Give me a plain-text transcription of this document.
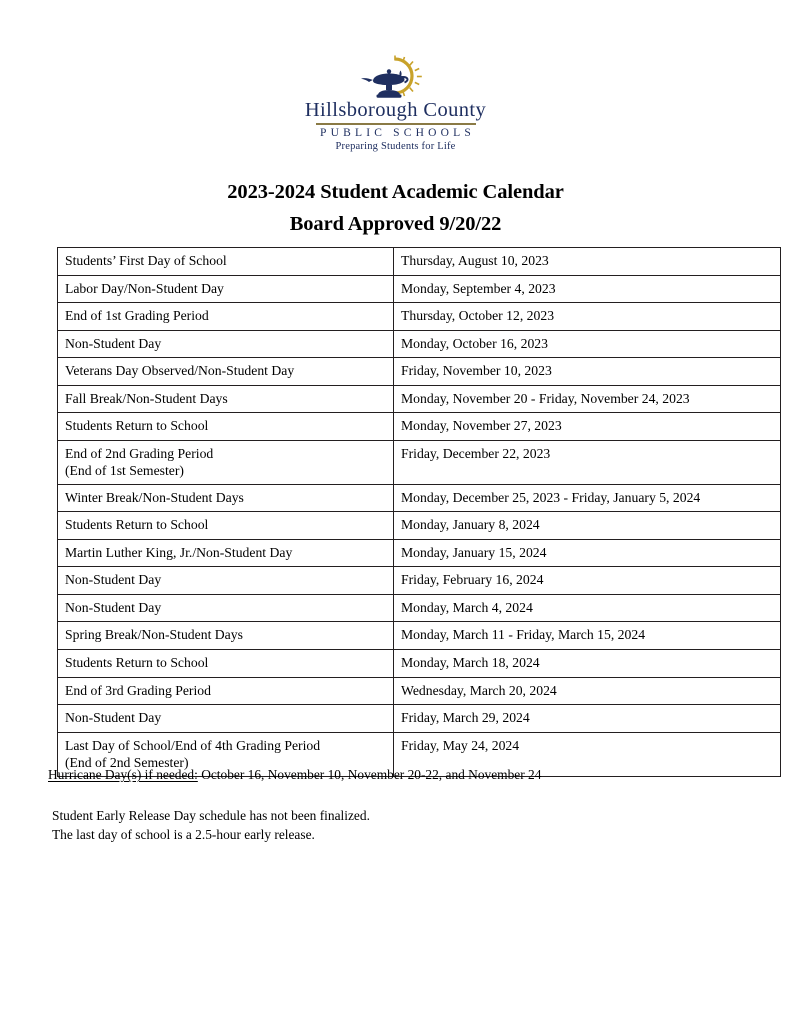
Hillsborough County
PUBLIC SCHOOLS
Preparing Students for Life
2023-2024 Student Academic Calendar
Board Approved 9/20/22
Students’ First Day of School	Thursday, August 10, 2023
Labor Day/Non-Student Day	Monday, September 4, 2023
End of 1st Grading Period	Thursday, October 12, 2023
Non-Student Day	Monday, October 16, 2023
Veterans Day Observed/Non-Student Day	Friday, November 10, 2023
Fall Break/Non-Student Days	Monday, November 20 - Friday, November 24, 2023
Students Return to School	Monday, November 27, 2023
End of 2nd Grading Period
(End of 1st Semester)	Friday, December 22, 2023
Winter Break/Non-Student Days	Monday, December 25, 2023 - Friday, January 5, 2024
Students Return to School	Monday, January 8, 2024
Martin Luther King, Jr./Non-Student Day	Monday, January 15, 2024
Non-Student Day	Friday, February 16, 2024
Non-Student Day	Monday, March 4, 2024
Spring Break/Non-Student Days	Monday, March 11 - Friday, March 15, 2024
Students Return to School	Monday, March 18, 2024
End of 3rd Grading Period	Wednesday, March 20, 2024
Non-Student Day	Friday, March 29, 2024
Last Day of School/End of 4th Grading Period
(End of 2nd Semester)	Friday, May 24, 2024
Hurricane Day(s) if needed: October 16, November 10, November 20-22, and November 24
Student Early Release Day schedule has not been finalized.
The last day of school is a 2.5-hour early release.
